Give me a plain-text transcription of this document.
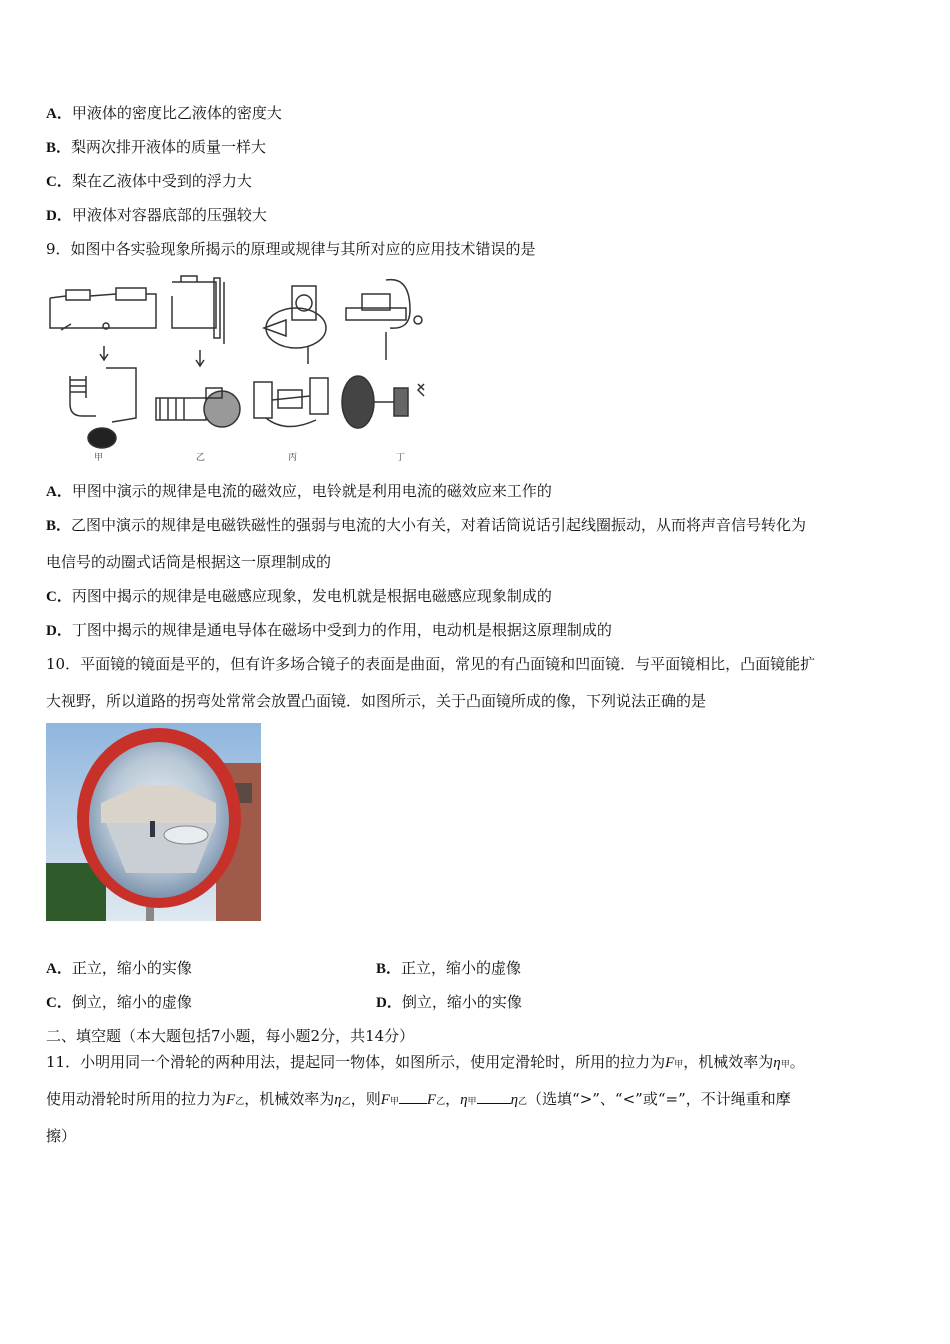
A．甲液体的密度比乙液体的密度大
B．梨两次排开液体的质量一样大
C．梨在乙液体中受到的浮力大
D．甲液体对容器底部的压强较大
9．如图中各实验现象所揭示的原理或规律与其所对应的应用技术错误的是
甲	乙	丙	丁
A．甲图中演示的规律是电流的磁效应，电铃就是利用电流的磁效应来工作的
B．乙图中演示的规律是电磁铁磁性的强弱与电流的大小有关，对着话筒说话引起线圈振动，从而将声音信号转化为
电信号的动圈式话筒是根据这一原理制成的
C．丙图中揭示的规律是电磁感应现象，发电机就是根据电磁感应现象制成的
D．丁图中揭示的规律是通电导体在磁场中受到力的作用，电动机是根据这原理制成的
10．平面镜的镜面是平的，但有许多场合镜子的表面是曲面，常见的有凸面镜和凹面镜．与平面镜相比，凸面镜能扩
大视野，所以道路的拐弯处常常会放置凸面镜．如图所示，关于凸面镜所成的像，下列说法正确的是
A．正立，缩小的实像	B．正立，缩小的虚像
C．倒立，缩小的虚像	D．倒立，缩小的实像
二、填空题（本大题包括7小题，每小题2分，共14分）
11．小明用同一个滑轮的两种用法，提起同一物体，如图所示，使用定滑轮时，所用的拉力为F甲，机械效率为η甲。
使用动滑轮时所用的拉力为F乙，机械效率为η乙，则F甲 F乙，η甲 η乙（选填“>”、“<”或“=”，不计绳重和摩
擦）
